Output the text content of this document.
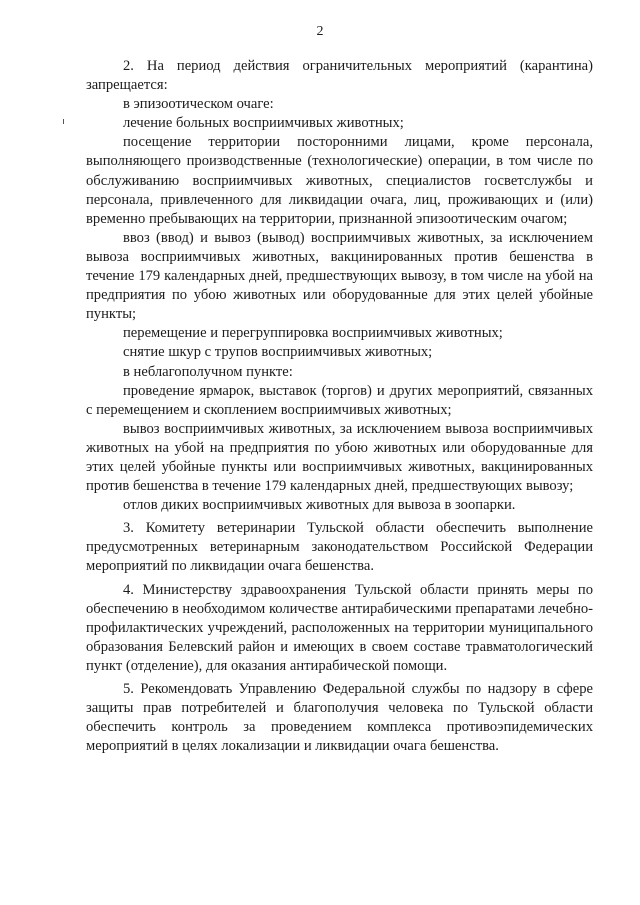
2

2. На период действия ограничительных мероприятий (карантина) запрещается:

в эпизоотическом очаге:

лечение больных восприимчивых животных;

посещение территории посторонними лицами, кроме персонала, выполняющего производственные (технологические) операции, в том числе по обслуживанию восприимчивых животных, специалистов госветслужбы и персонала, привлеченного для ликвидации очага, лиц, проживающих и (или) временно пребывающих на территории, признанной эпизоотическим очагом;

ввоз (ввод) и вывоз (вывод) восприимчивых животных, за исключением вывоза восприимчивых животных, вакцинированных против бешенства в течение 179 календарных дней, предшествующих вывозу, в том числе на убой на предприятия по убою животных или оборудованные для этих целей убойные пункты;

перемещение и перегруппировка восприимчивых животных;

снятие шкур с трупов восприимчивых животных;

в неблагополучном пункте:

проведение ярмарок, выставок (торгов) и других мероприятий, связанных с перемещением и скоплением восприимчивых животных;

вывоз восприимчивых животных, за исключением вывоза восприимчивых животных на убой на предприятия по убою животных или оборудованные для этих целей убойные пункты или восприимчивых животных, вакцинированных против бешенства в течение 179 календарных дней, предшествующих вывозу;

отлов диких восприимчивых животных для вывоза в зоопарки.

3. Комитету ветеринарии Тульской области обеспечить выполнение предусмотренных ветеринарным законодательством Российской Федерации мероприятий по ликвидации очага бешенства.

4. Министерству здравоохранения Тульской области принять меры по обеспечению в необходимом количестве антирабическими препаратами лечебно-профилактических учреждений, расположенных на территории муниципального образования Белевский район и имеющих в своем составе травматологический пункт (отделение), для оказания антирабической помощи.

5. Рекомендовать Управлению Федеральной службы по надзору в сфере защиты прав потребителей и благополучия человека по Тульской области обеспечить контроль за проведением комплекса противоэпидемических мероприятий в целях локализации и ликвидации очага бешенства.
